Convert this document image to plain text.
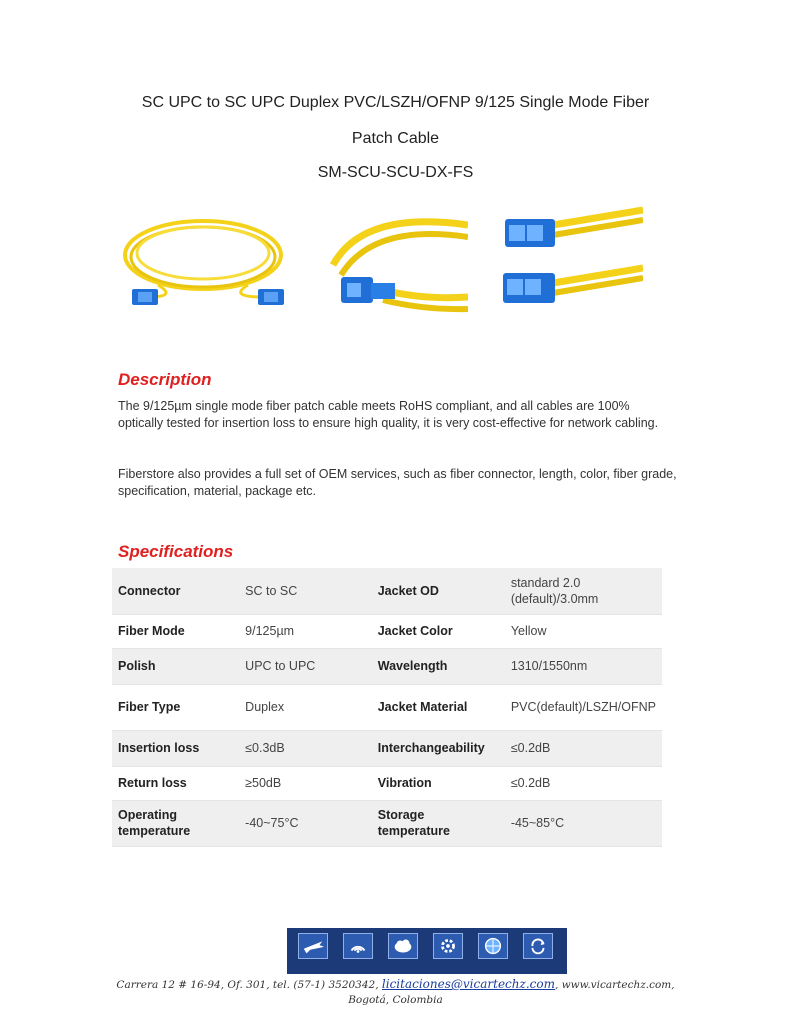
SC UPC to SC UPC Duplex PVC/LSZH/OFNP 9/125 Single Mode Fiber
Patch Cable
SM-SCU-SCU-DX-FS
Description
The 9/125µm single mode fiber patch cable meets RoHS compliant, and all cables are 100% optically tested for insertion loss to ensure high quality, it is very cost-effective for network cabling.
Fiberstore also provides a full set of OEM services, such as fiber connector, length, color, fiber grade, specification, material, package etc.
Specifications
Connector	SC to SC	Jacket OD	standard 2.0 (default)/3.0mm
Fiber Mode	9/125µm	Jacket Color	Yellow
Polish	UPC to UPC	Wavelength	1310/1550nm
Fiber Type	Duplex	Jacket Material	PVC(default)/LSZH/OFNP
Insertion loss	≤0.3dB	Interchangeability	≤0.2dB
Return loss	≥50dB	Vibration	≤0.2dB
Operating temperature	-40~75°C	Storage temperature	-45~85°C
Carrera 12 # 16-94, Of. 301, tel. (57-1) 3520342, licitaciones@vicartechz.com, www.vicartechz.com,
Bogotá, Colombia
